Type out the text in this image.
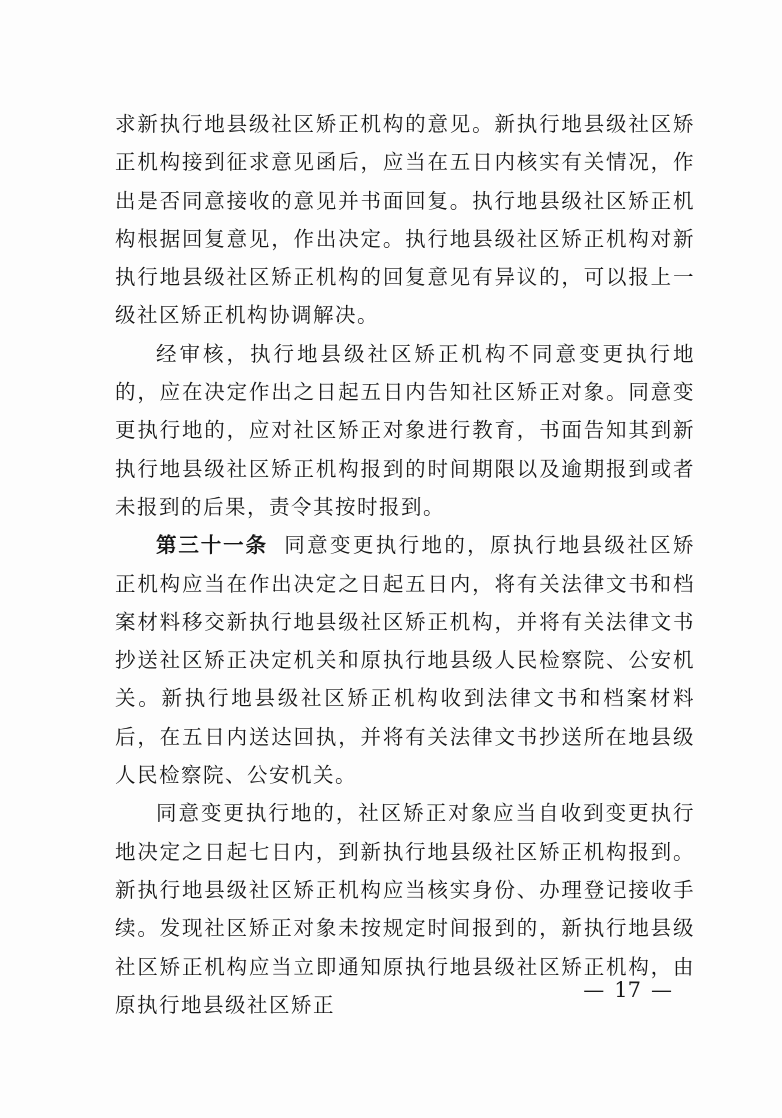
求新执行地县级社区矫正机构的意见。新执行地县级社区矫正机构接到征求意见函后，应当在五日内核实有关情况，作出是否同意接收的意见并书面回复。执行地县级社区矫正机构根据回复意见，作出决定。执行地县级社区矫正机构对新执行地县级社区矫正机构的回复意见有异议的，可以报上一级社区矫正机构协调解决。

经审核，执行地县级社区矫正机构不同意变更执行地的，应在决定作出之日起五日内告知社区矫正对象。同意变更执行地的，应对社区矫正对象进行教育，书面告知其到新执行地县级社区矫正机构报到的时间期限以及逾期报到或者未报到的后果，责令其按时报到。

第三十一条 同意变更执行地的，原执行地县级社区矫正机构应当在作出决定之日起五日内，将有关法律文书和档案材料移交新执行地县级社区矫正机构，并将有关法律文书抄送社区矫正决定机关和原执行地县级人民检察院、公安机关。新执行地县级社区矫正机构收到法律文书和档案材料后，在五日内送达回执，并将有关法律文书抄送所在地县级人民检察院、公安机关。

同意变更执行地的，社区矫正对象应当自收到变更执行地决定之日起七日内，到新执行地县级社区矫正机构报到。新执行地县级社区矫正机构应当核实身份、办理登记接收手续。发现社区矫正对象未按规定时间报到的，新执行地县级社区矫正机构应当立即通知原执行地县级社区矫正机构，由原执行地县级社区矫正

— 17 —
